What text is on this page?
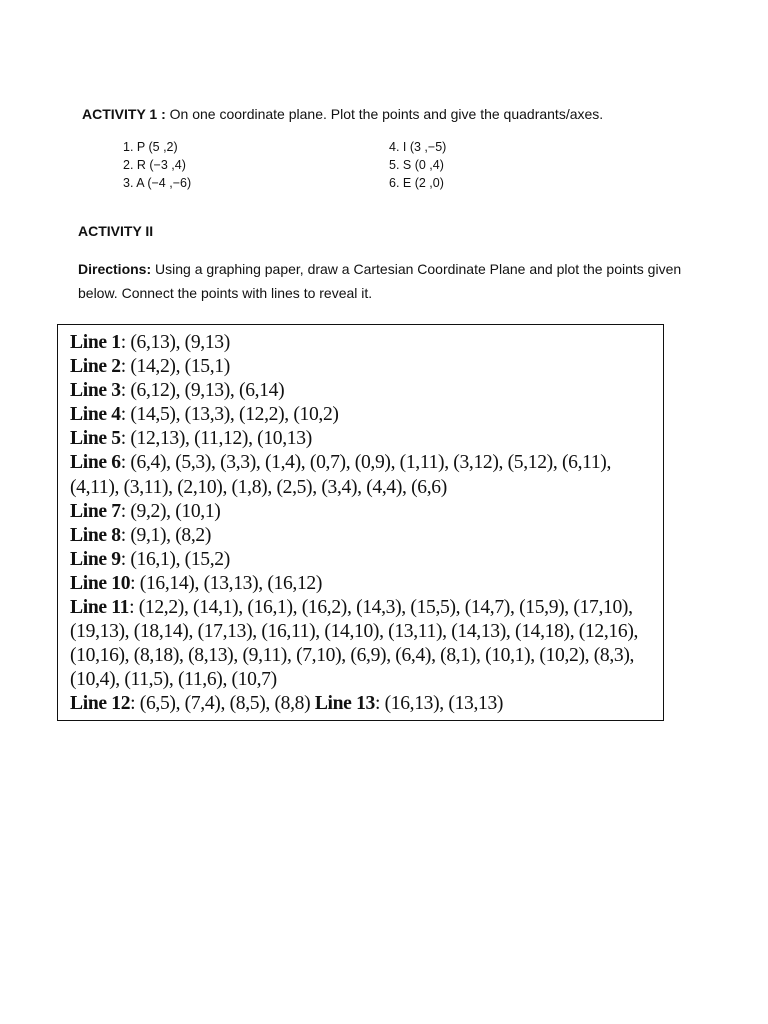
ACTIVITY 1 : On one coordinate plane. Plot the points and give the quadrants/axes.
1. P (5 ,2)
2. R (−3 ,4)
3. A (−4 ,−6)
4. I (3 ,−5)
5. S (0 ,4)
6. E (2 ,0)
ACTIVITY II
Directions: Using a graphing paper, draw a Cartesian Coordinate Plane and plot the points given below. Connect the points with lines to reveal it.
Line 1: (6,13), (9,13)
Line 2: (14,2), (15,1)
Line 3: (6,12), (9,13), (6,14)
Line 4: (14,5), (13,3), (12,2), (10,2)
Line 5: (12,13), (11,12), (10,13)
Line 6: (6,4), (5,3), (3,3), (1,4), (0,7), (0,9), (1,11), (3,12), (5,12), (6,11),
(4,11), (3,11), (2,10), (1,8), (2,5), (3,4), (4,4), (6,6)
Line 7: (9,2), (10,1)
Line 8: (9,1), (8,2)
Line 9: (16,1), (15,2)
Line 10: (16,14), (13,13), (16,12)
Line 11: (12,2), (14,1), (16,1), (16,2), (14,3), (15,5), (14,7), (15,9), (17,10),
(19,13), (18,14), (17,13), (16,11), (14,10), (13,11), (14,13), (14,18), (12,16),
(10,16), (8,18), (8,13), (9,11), (7,10), (6,9), (6,4), (8,1), (10,1), (10,2), (8,3),
(10,4), (11,5), (11,6), (10,7)
Line 12: (6,5), (7,4), (8,5), (8,8) Line 13: (16,13), (13,13)
